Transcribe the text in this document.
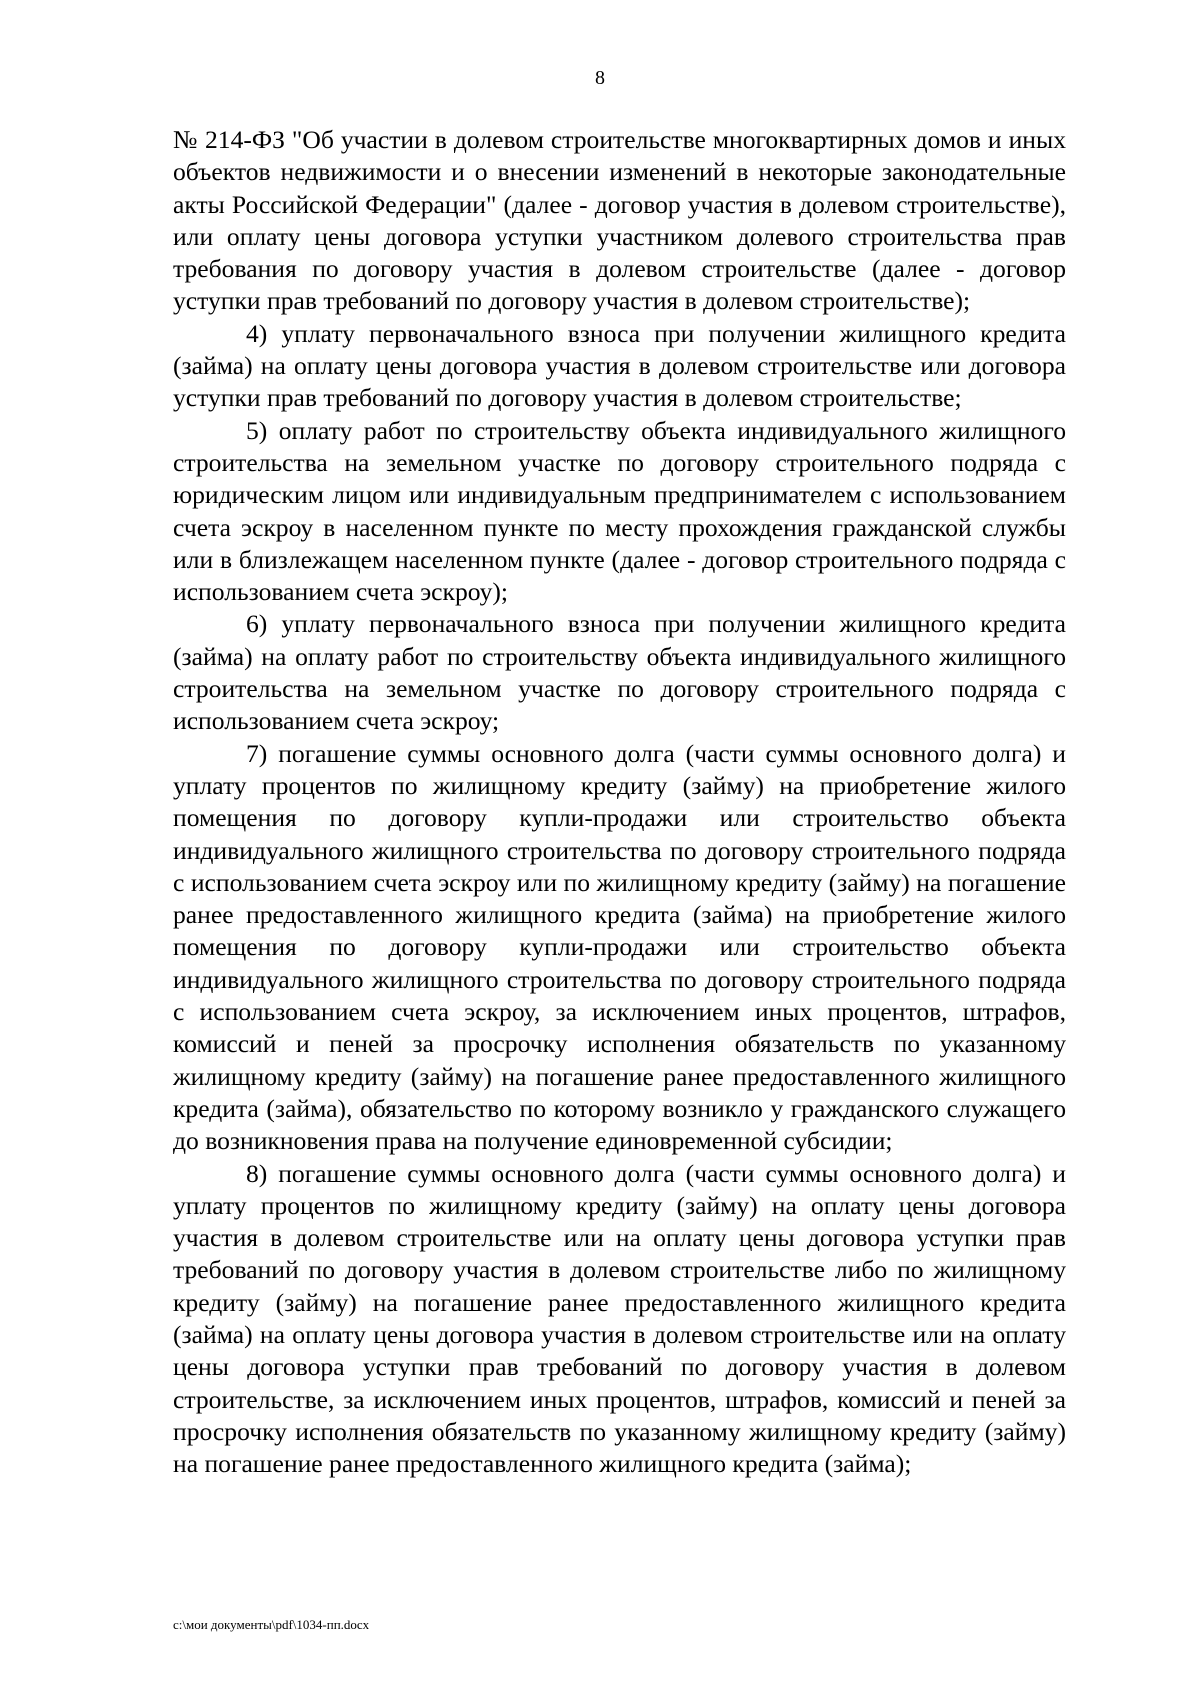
8

№ 214-ФЗ "Об участии в долевом строительстве многоквартирных домов и иных объектов недвижимости и о внесении изменений в некоторые законодательные акты Российской Федерации" (далее - договор участия в долевом строительстве), или оплату цены договора уступки участником долевого строительства прав требования по договору участия в долевом строительстве (далее - договор уступки прав требований по договору участия в долевом строительстве);

4) уплату первоначального взноса при получении жилищного кредита (займа) на оплату цены договора участия в долевом строительстве или договора уступки прав требований по договору участия в долевом строительстве;

5) оплату работ по строительству объекта индивидуального жилищного строительства на земельном участке по договору строительного подряда с юридическим лицом или индивидуальным предпринимателем с использованием счета эскроу в населенном пункте по месту прохождения гражданской службы или в близлежащем населенном пункте (далее - договор строительного подряда с использованием счета эскроу);

6) уплату первоначального взноса при получении жилищного кредита (займа) на оплату работ по строительству объекта индивидуального жилищного строительства на земельном участке по договору строительного подряда с использованием счета эскроу;

7) погашение суммы основного долга (части суммы основного долга) и уплату процентов по жилищному кредиту (займу) на приобретение жилого помещения по договору купли-продажи или строительство объекта индивидуального жилищного строительства по договору строительного подряда с использованием счета эскроу или по жилищному кредиту (займу) на погашение ранее предоставленного жилищного кредита (займа) на приобретение жилого помещения по договору купли-продажи или строительство объекта индивидуального жилищного строительства по договору строительного подряда с использованием счета эскроу, за исключением иных процентов, штрафов, комиссий и пеней за просрочку исполнения обязательств по указанному жилищному кредиту (займу) на погашение ранее предоставленного жилищного кредита (займа), обязательство по которому возникло у гражданского служащего до возникновения права на получение единовременной субсидии;

8) погашение суммы основного долга (части суммы основного долга) и уплату процентов по жилищному кредиту (займу) на оплату цены договора участия в долевом строительстве или на оплату цены договора уступки прав требований по договору участия в долевом строительстве либо по жилищному кредиту (займу) на погашение ранее предоставленного жилищного кредита (займа) на оплату цены договора участия в долевом строительстве или на оплату цены договора уступки прав требований по договору участия в долевом строительстве, за исключением иных процентов, штрафов, комиссий и пеней за просрочку исполнения обязательств по указанному жилищному кредиту (займу) на погашение ранее предоставленного жилищного кредита (займа);

c:\мои документы\pdf\1034-пп.docx
